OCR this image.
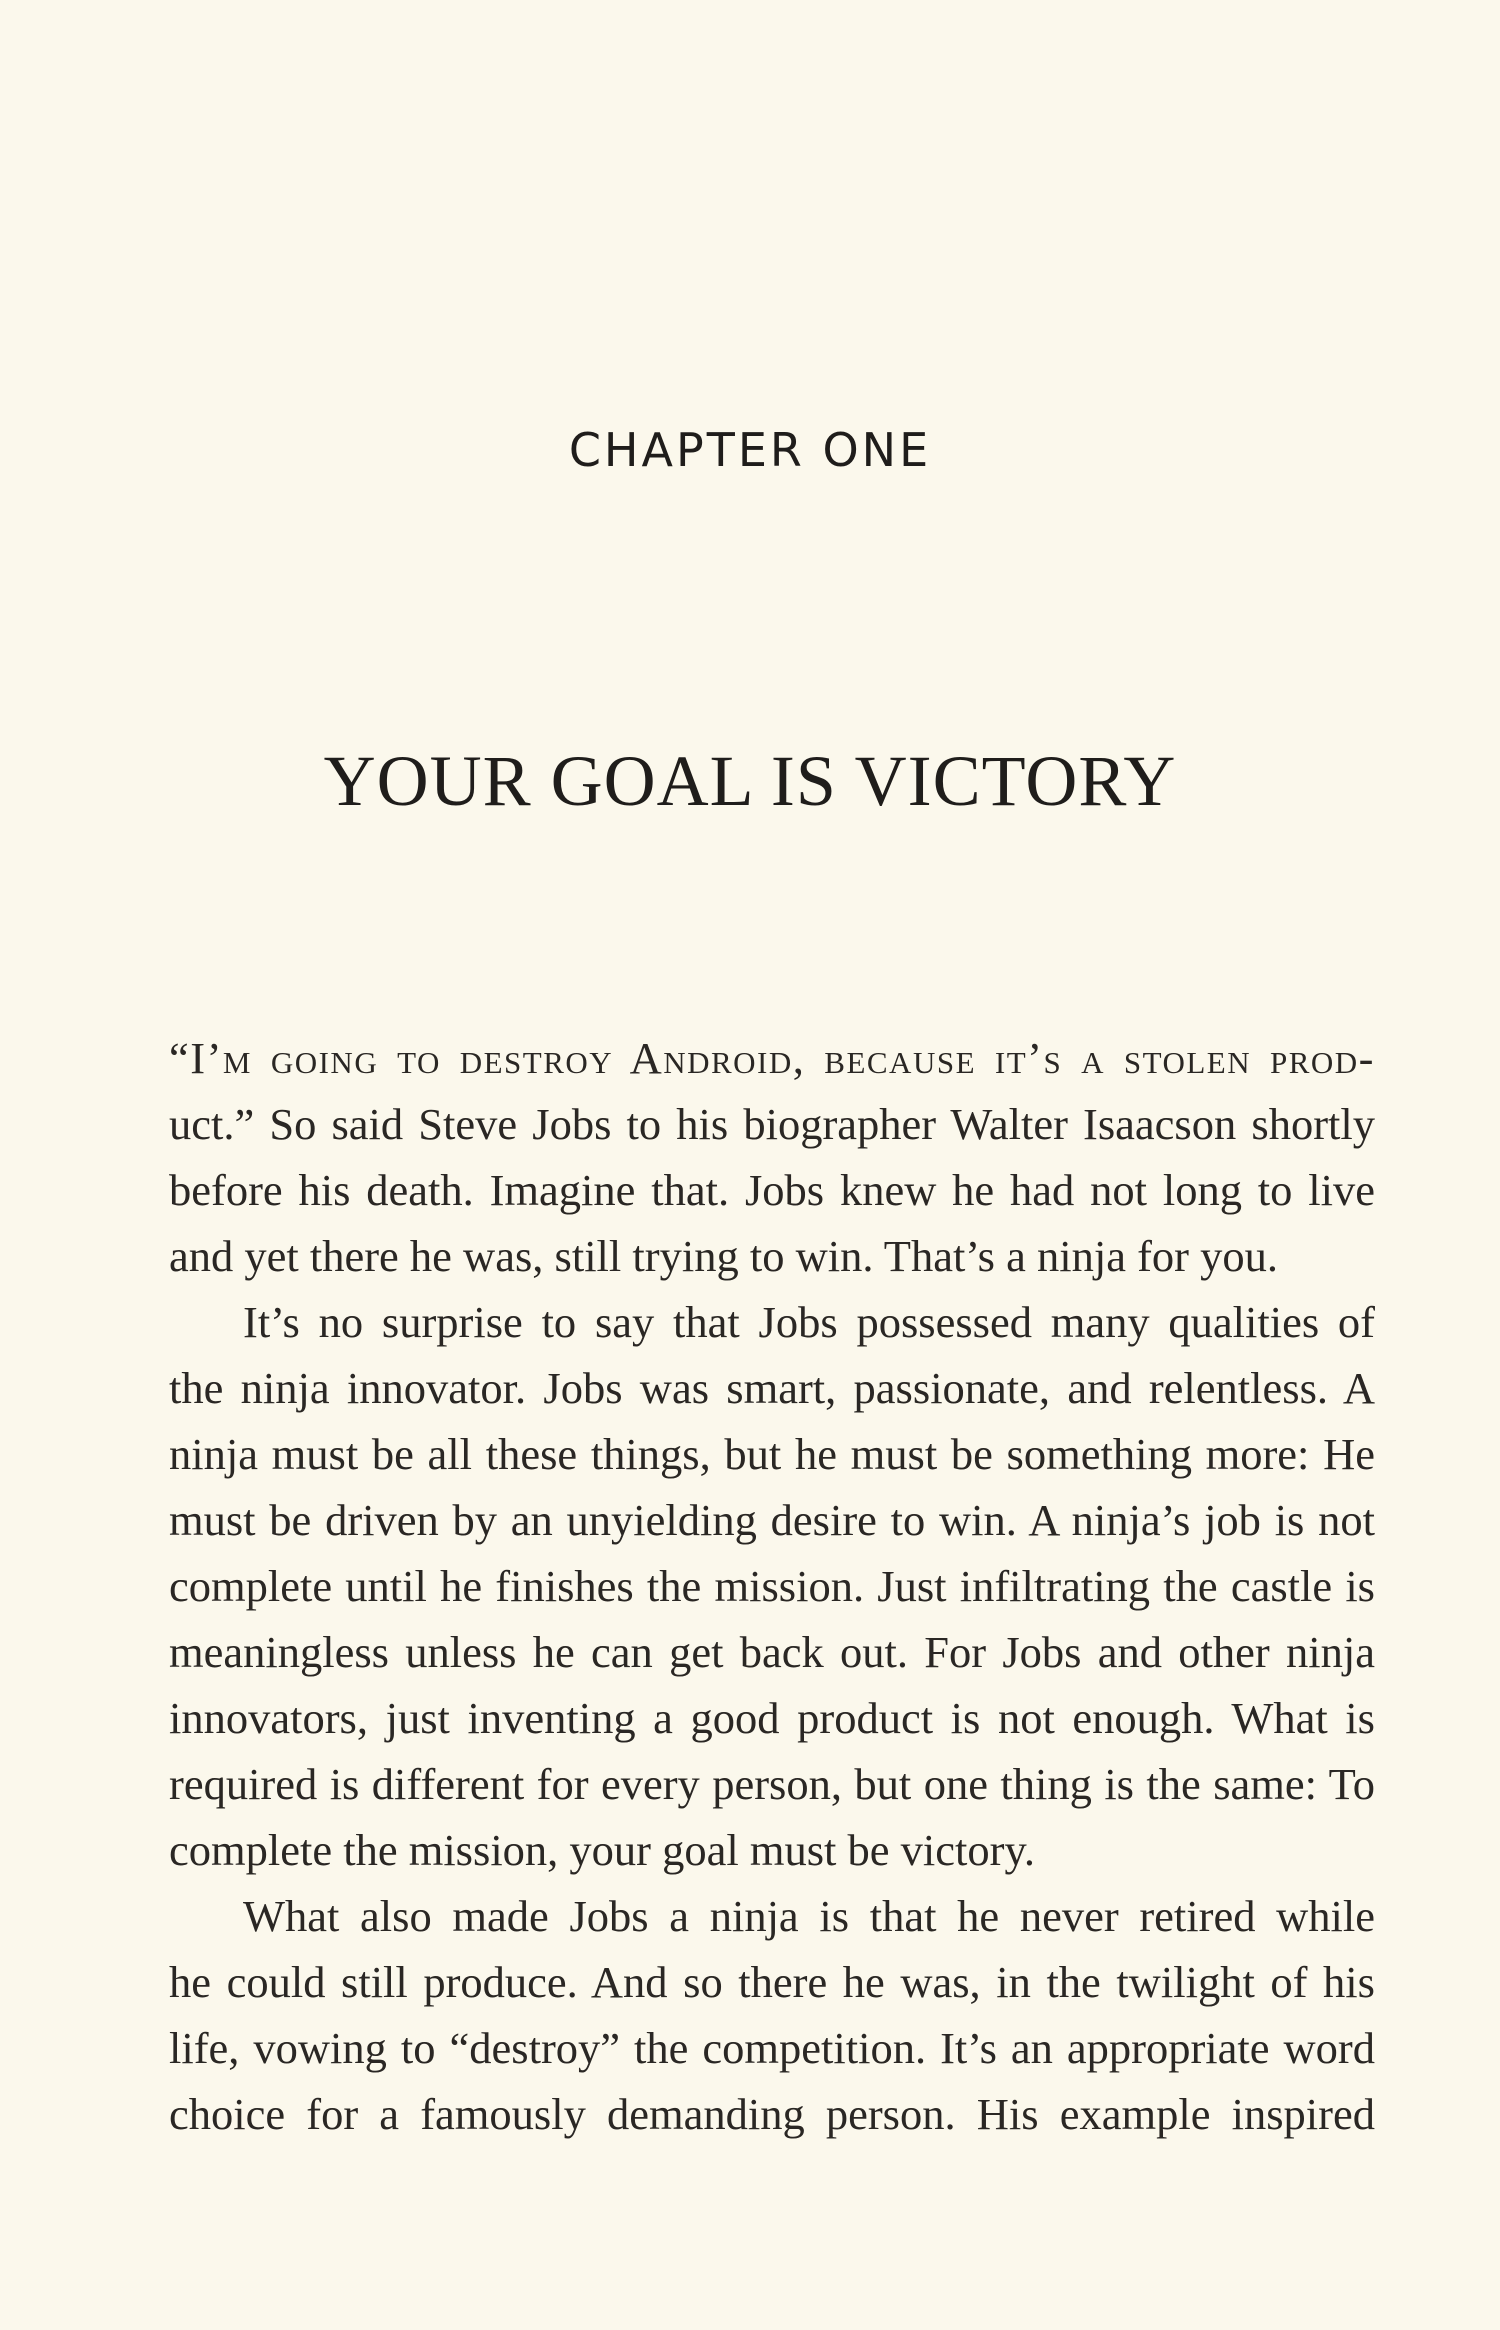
CHAPTER ONE
YOUR GOAL IS VICTORY
“I’m going to destroy Android, because it’s a stolen prod-
uct.” So said Steve Jobs to his biographer Walter Isaacson shortly
before his death. Imagine that. Jobs knew he had not long to live
and yet there he was, still trying to win. That’s a ninja for you.
It’s no surprise to say that Jobs possessed many qualities of
the ninja innovator. Jobs was smart, passionate, and relentless. A
ninja must be all these things, but he must be something more: He
must be driven by an unyielding desire to win. A ninja’s job is not
complete until he finishes the mission. Just infiltrating the castle is
meaningless unless he can get back out. For Jobs and other ninja
innovators, just inventing a good product is not enough. What is
required is different for every person, but one thing is the same: To
complete the mission, your goal must be victory.
What also made Jobs a ninja is that he never retired while
he could still produce. And so there he was, in the twilight of his
life, vowing to “destroy” the competition. It’s an appropriate word
choice for a famously demanding person. His example inspired
